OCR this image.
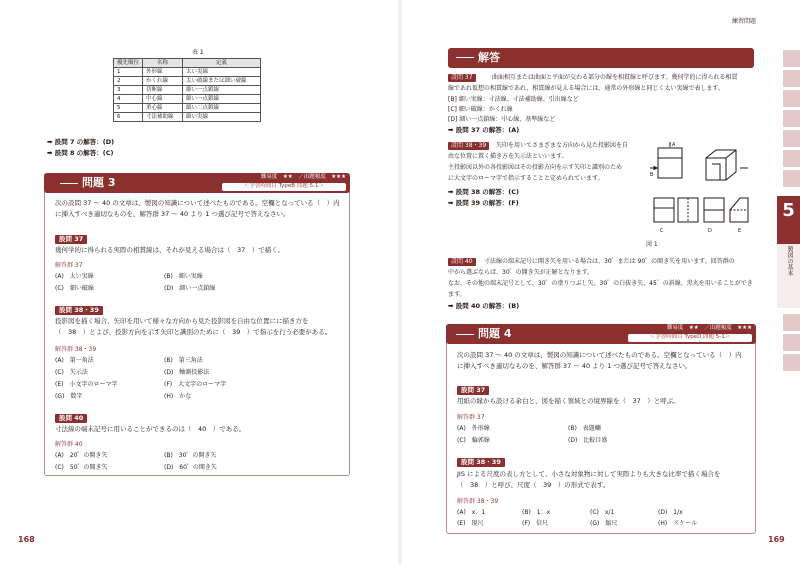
表 1
優先順位	名称	定義
1	外形線	太い実線
2	かくれ線	太い破線または細い破線
3	切断線	細い一点鎖線
4	中心線	細い一点鎖線
5	重心線	細い二点鎖線
6	寸法補助線	細い実線
➡ 設問 7 の解答：(D)
➡ 設問 8 の解答：(C)
問題 3	難易度　★★　／出題頻度　★★★
＜学習時間目 TypeB 問題 5-1＞
次の設問 37 ～ 40 の文章は、製図の知識について述べたものである。空欄となっている（　）内
に挿入すべき適切なものを、解答群 37 ～ 40 より 1 つ選び記号で答えなさい。
設問 37
幾何学的に得られる実際の相貫線は、それが見える場合は（　37　）で描く。
解答群 37
(A)　太い実線	(B)　細い実線
(C)　細い破線	(D)　細い一点鎖線
設問 38・39
投影図を描く場合、矢印を用いて様々な方向から見た投影図を自由な位置にに描き方を
（　38　）とよび、投影方向を示す矢印と識別のために（　39　）で指示を行う必要がある。
解答群 38・39
(A)　第一角法	(B)　第三角法
(C)　矢示法	(D)　軸測投影法
(E)　小文字のローマ字	(F)　大文字のローマ字
(G)　数字	(H)　かな
設問 40
寸法線の端末記号に用いることができるのは（　40　）である。
解答群 40
(A)　20゜の開き矢	(B)　30゜の開き矢
(C)　50゜の開き矢	(D)　60゜の開き矢
168
練習問題
解答
設問 37	曲面相互または曲面と平面が交わる部分の線を相貫線と呼びます。幾何学的に得られる相貫
線であれ仮想の相貫線であれ、相貫線が見える場合には、通常の外形線と同じく太い実線で表します。
[B] 細い実線：寸法線、寸法補助線、引出線など
[C] 細い破線：かくれ線
[D] 細い一点鎖線：中心線、基準線など
➡ 設問 37 の解答：(A)
設問 38・39	矢印を用いてさまざまな方向から見た投影図を自
由な位置に置く描き方を矢示法といいます。
主投影図以外の各投影図はその投影方向を示す矢印と識別のため
に大文字のローマ字で指示することと定められています。
➡ 設問 38 の解答：(C)
➡ 設問 39 の解答：(F)
A
B
C	D	E
図 1
設問 40	寸法線の端末記号に開き矢を用いる場合は、30゜または 90゜の開き矢を用います。回答群の
中から選ぶならば、30゜の開き矢が正解となります。
なお、その他の端末記号として、30゜の塗りつぶし矢、30゜の白抜き矢、45゜の斜線、黒丸を用いることができ
ます。
➡ 設問 40 の解答：(B)
問題 4	難易度　★★　／出題頻度　★★★
＜学習時間目 TypeD 問題 5-1＞
次の設問 37 ～ 40 の文章は、製図の知識について述べたものである。空欄となっている（　）内
に挿入すべき適切なものを、解答群 37 ～ 40 より 1 つ選び記号で答えなさい。
設問 37
用紙の縁から設ける余白と、図を描く領域との境界線を（　37　）と呼ぶ。
解答群 37
(A)　外形線	(B)　表題欄
(C)　輪郭線	(D)　比較目盛
設問 38・39
JIS による尺度の表し方として、小さな対象物に対して実際よりも大きな比率で描く場合を
（　38　）と呼び、尺度（　39　）の形式で表す。
解答群 38・39
(A)　x：1	(B)　1：x	(C)　x/1	(D)　1/x
(E)　現尺	(F)　倍尺	(G)　縮尺	(H)　スケール
169
5
製図の基本
